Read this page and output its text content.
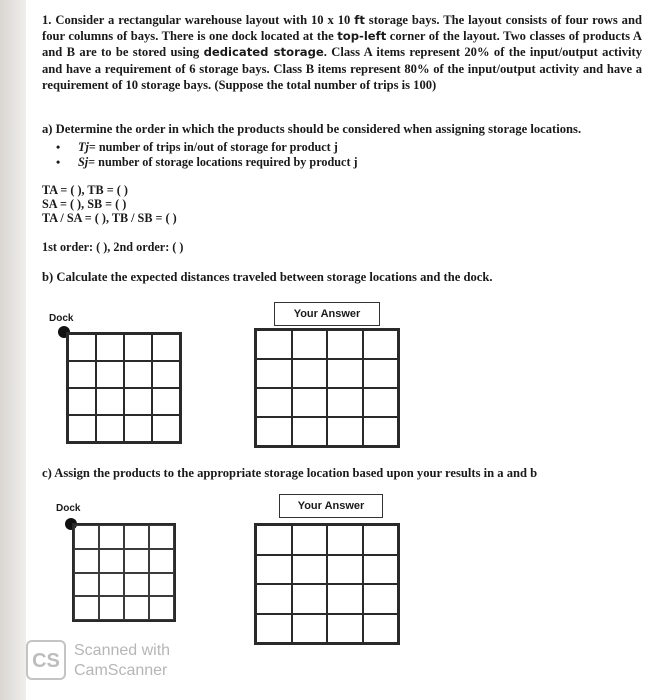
1. Consider a rectangular warehouse layout with 10 x 10 ft storage bays. The layout consists of four rows and four columns of bays. There is one dock located at the top-left corner of the layout. Two classes of products A and B are to be stored using dedicated storage. Class A items represent 20% of the input/output activity and have a requirement of 6 storage bays. Class B items represent 80% of the input/output activity and have a requirement of 10 storage bays. (Suppose the total number of trips is 100)

a) Determine the order in which the products should be considered when assigning storage locations.
• Tj= number of trips in/out of storage for product j
• Sj= number of storage locations required by product j
TA = ( ), TB = ( )
SA = ( ), SB = ( )
TA / SA = ( ), TB / SB = ( )
1st order: ( ), 2nd order: ( )
b) Calculate the expected distances traveled between storage locations and the dock.
Dock	Your Answer
c) Assign the products to the appropriate storage location based upon your results in a and b
Dock	Your Answer
CS Scanned with
CamScanner
